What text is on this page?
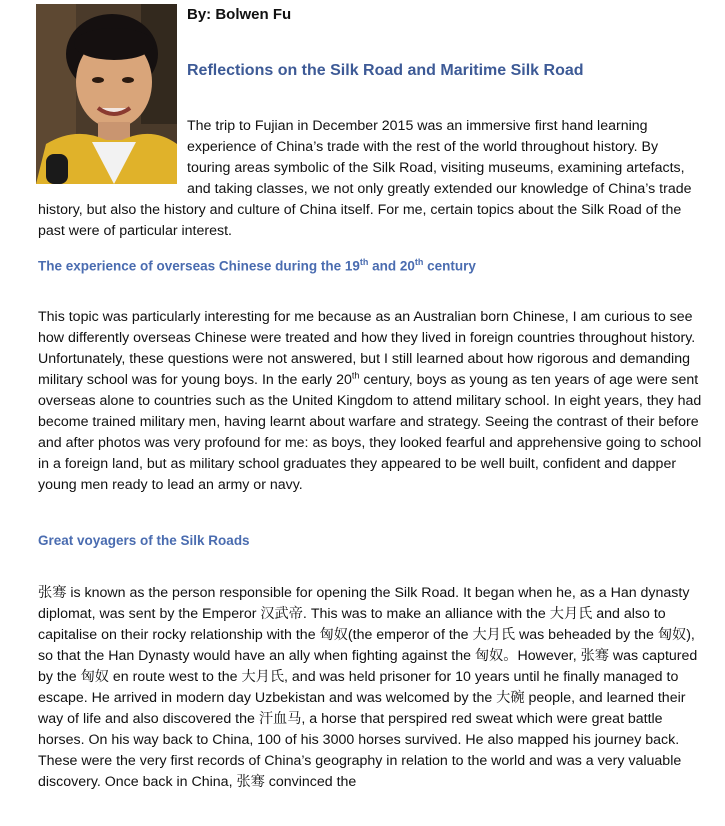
By: Bolwen Fu
Reflections on the Silk Road and Maritime Silk Road

The trip to Fujian in December 2015 was an immersive first hand learning experience of China’s trade with the rest of the world throughout history. By touring areas symbolic of the Silk Road, visiting museums, examining artefacts, and taking classes, we not only greatly extended our knowledge of China’s trade history, but also the history and culture of China itself. For me, certain topics about the Silk Road of the past were of particular interest.

The experience of overseas Chinese during the 19th and 20th century

This topic was particularly interesting for me because as an Australian born Chinese, I am curious to see how differently overseas Chinese were treated and how they lived in foreign countries throughout history. Unfortunately, these questions were not answered, but I still learned about how rigorous and demanding military school was for young boys. In the early 20th century, boys as young as ten years of age were sent overseas alone to countries such as the United Kingdom to attend military school. In eight years, they had become trained military men, having learnt about warfare and strategy. Seeing the contrast of their before and after photos was very profound for me: as boys, they looked fearful and apprehensive going to school in a foreign land, but as military school graduates they appeared to be well built, confident and dapper young men ready to lead an army or navy.

Great voyagers of the Silk Roads

张骞 is known as the person responsible for opening the Silk Road. It began when he, as a Han dynasty diplomat, was sent by the Emperor 汉武帝. This was to make an alliance with the 大月氏 and also to capitalise on their rocky relationship with the 匈奴(the emperor of the 大月氏 was beheaded by the 匈奴), so that the Han Dynasty would have an ally when fighting against the 匈奴。However, 张骞 was captured by the 匈奴 en route west to the 大月氏, and was held prisoner for 10 years until he finally managed to escape. He arrived in modern day Uzbekistan and was welcomed by the 大碗 people, and learned their way of life and also discovered the 汗血马, a horse that perspired red sweat which were great battle horses. On his way back to China, 100 of his 3000 horses survived. He also mapped his journey back. These were the very first records of China’s geography in relation to the world and was a very valuable discovery. Once back in China, 张骞 convinced the
